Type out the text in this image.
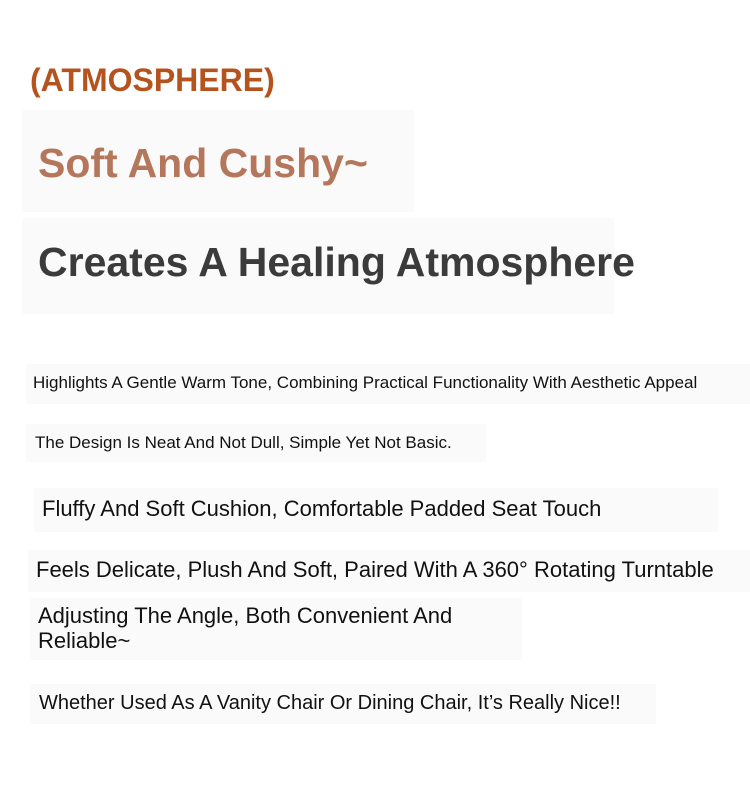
(ATMOSPHERE)
Soft And Cushy~
Creates A Healing Atmosphere
Highlights A Gentle Warm Tone, Combining Practical Functionality With Aesthetic Appeal
The Design Is Neat And Not Dull, Simple Yet Not Basic.
Fluffy And Soft Cushion, Comfortable Padded Seat Touch
Feels Delicate, Plush And Soft, Paired With A 360° Rotating Turntable
Adjusting The Angle, Both Convenient And Reliable~
Whether Used As A Vanity Chair Or Dining Chair, It’s Really Nice!!
